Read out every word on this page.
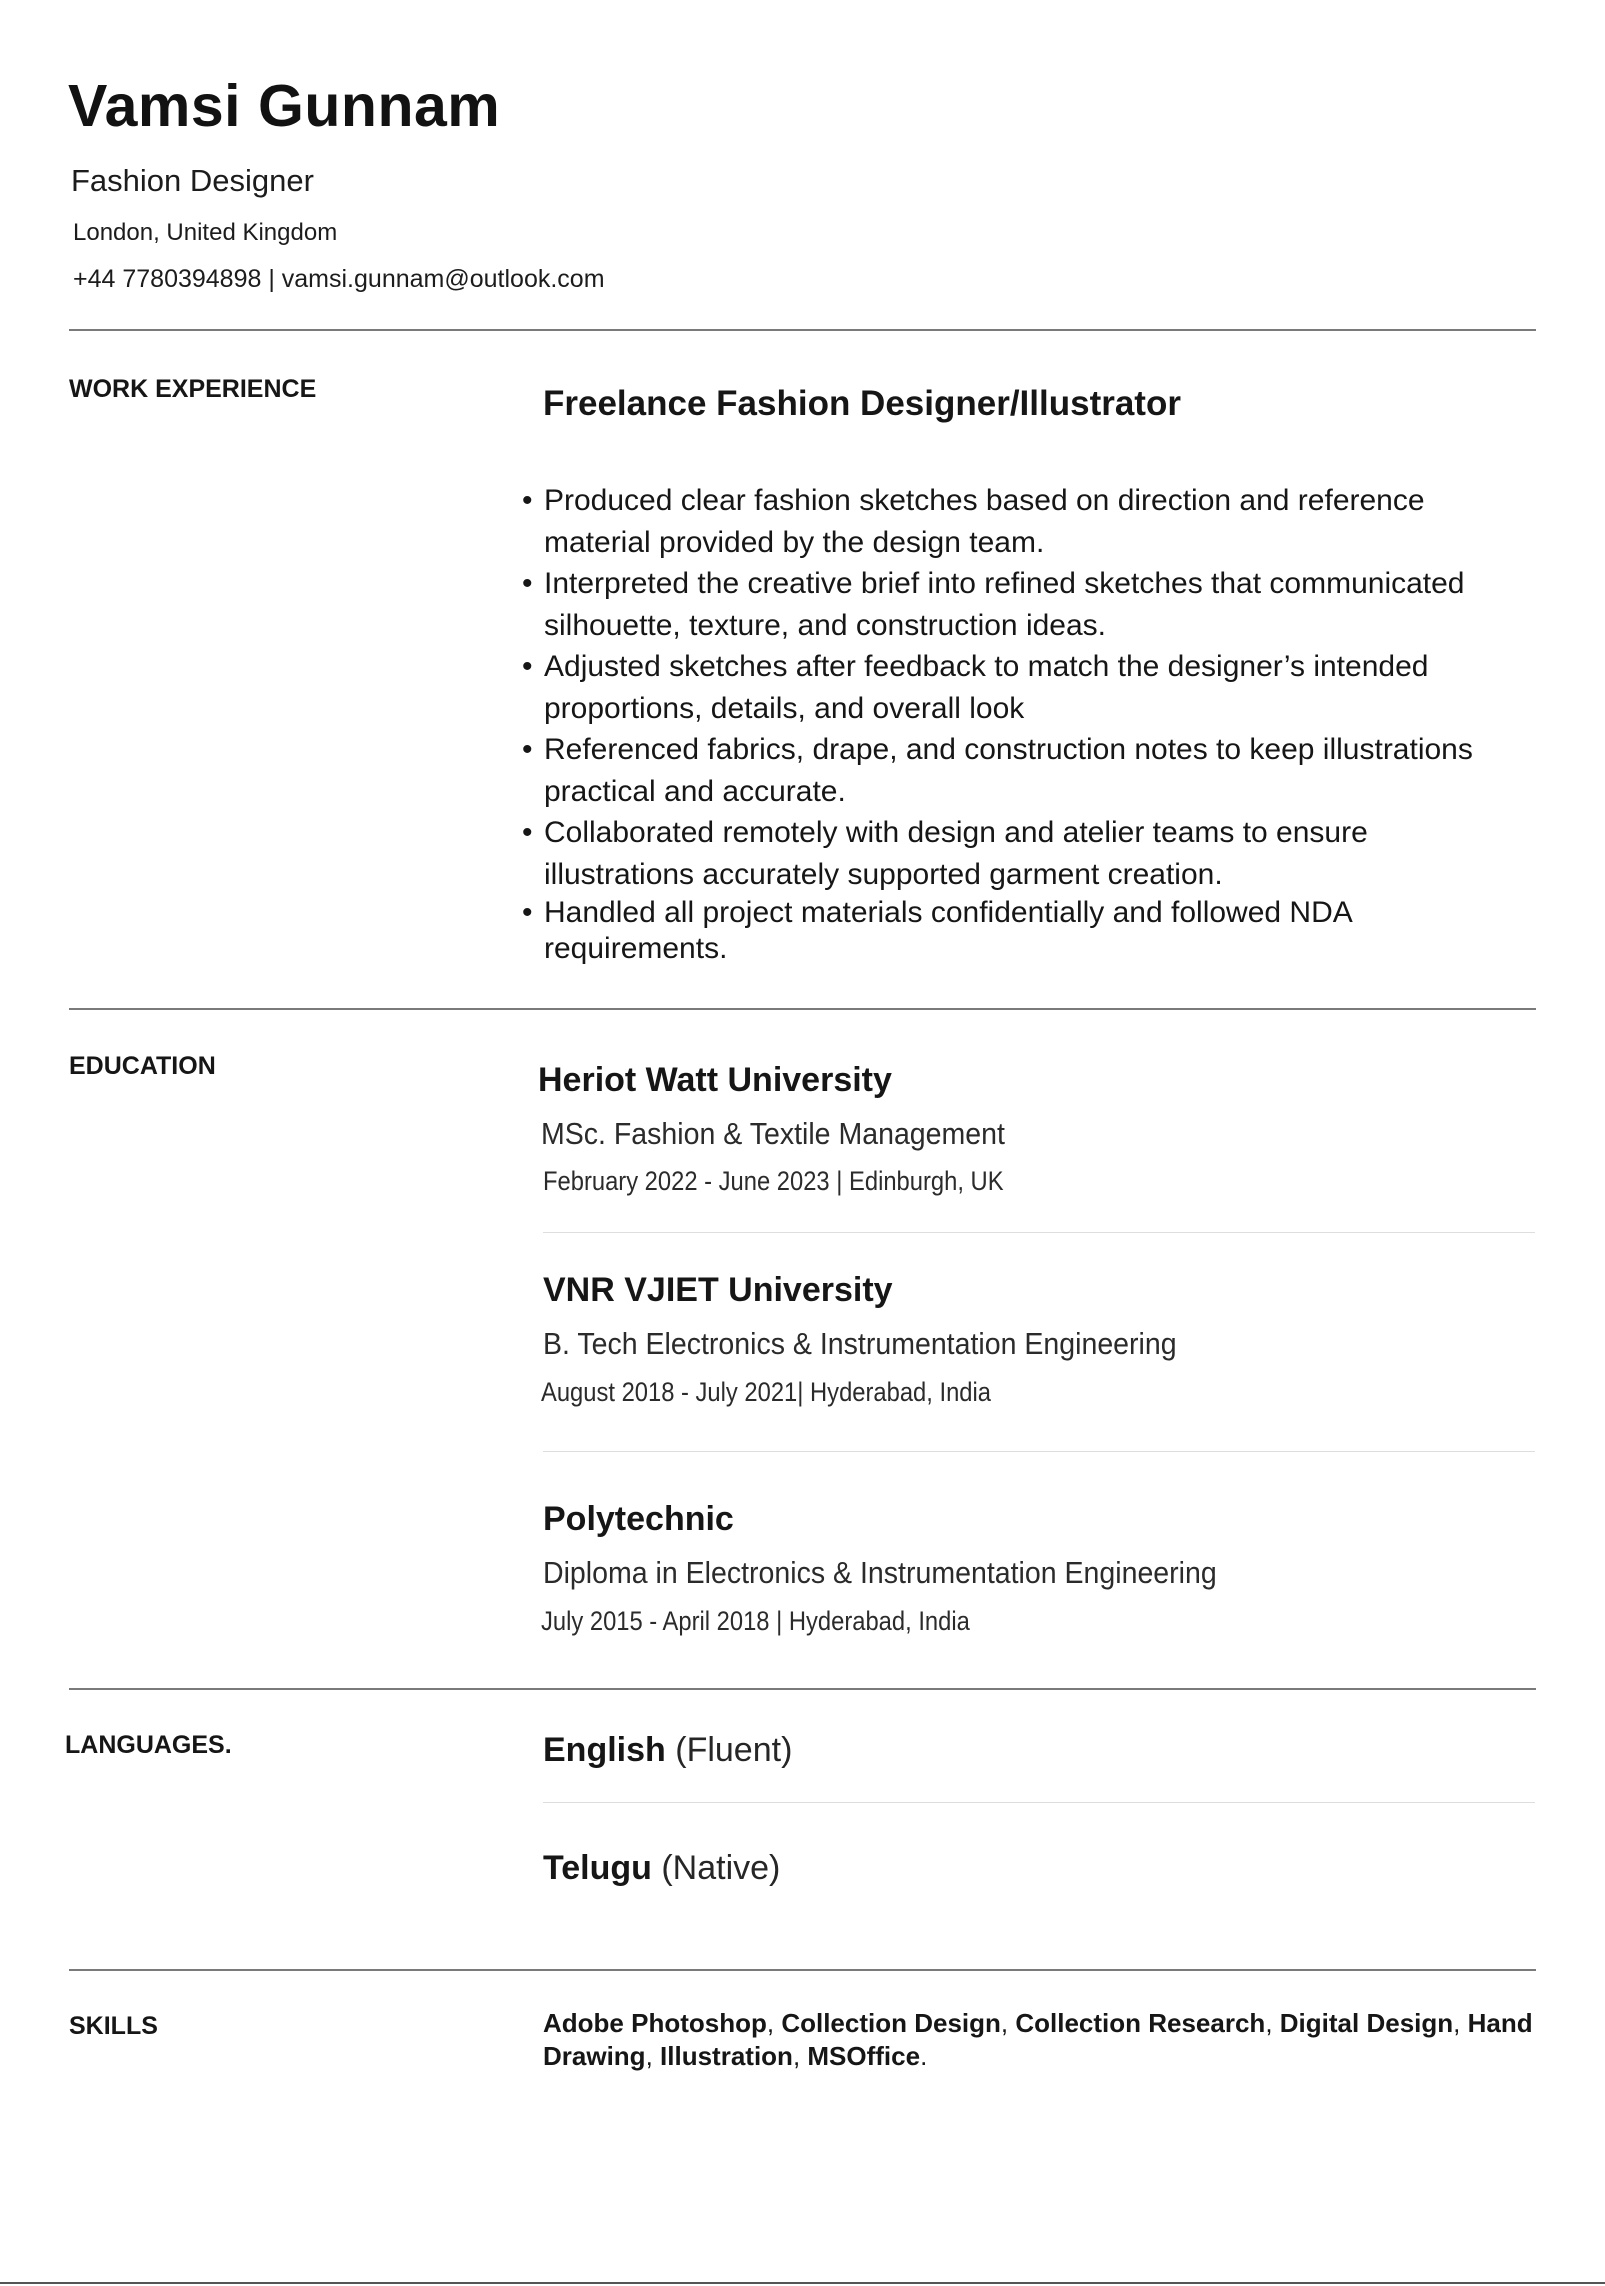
Vamsi Gunnam
Fashion Designer
London, United Kingdom
+44 7780394898 | vamsi.gunnam@outlook.com
WORK EXPERIENCE	Freelance Fashion Designer/Illustrator
• Produced clear fashion sketches based on direction and reference
material provided by the design team.
• Interpreted the creative brief into refined sketches that communicated
silhouette, texture, and construction ideas.
• Adjusted sketches after feedback to match the designer’s intended
proportions, details, and overall look
• Referenced fabrics, drape, and construction notes to keep illustrations
practical and accurate.
• Collaborated remotely with design and atelier teams to ensure
illustrations accurately supported garment creation.
• Handled all project materials confidentially and followed NDA
requirements.
EDUCATION	Heriot Watt University
MSc. Fashion & Textile Management
February 2022 - June 2023 | Edinburgh, UK
VNR VJIET University
B. Tech Electronics & Instrumentation Engineering
August 2018 - July 2021| Hyderabad, India
Polytechnic
Diploma in Electronics & Instrumentation Engineering
July 2015 - April 2018 | Hyderabad, India
LANGUAGES.	English (Fluent)
Telugu (Native)
SKILLS	Adobe Photoshop, Collection Design, Collection Research, Digital Design, Hand Drawing, Illustration, MSOffice.
